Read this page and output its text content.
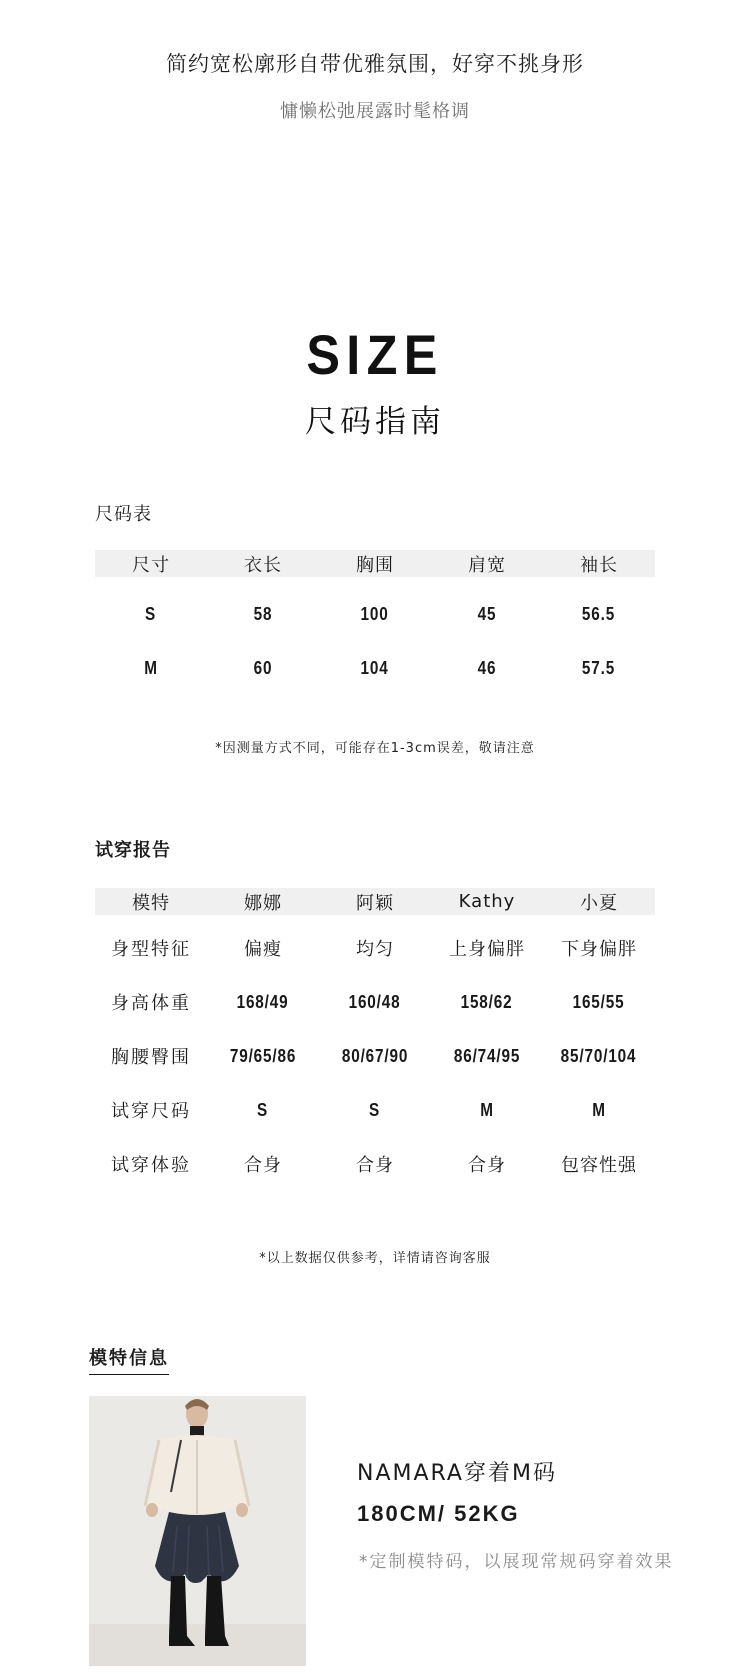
简约宽松廓形自带优雅氛围，好穿不挑身形
慵懒松弛展露时髦格调
SIZE
尺码指南
尺码表
尺寸	衣长	胸围	肩宽	袖长
S	58	100	45	56.5
M	60	104	46	57.5
*因测量方式不同，可能存在1-3cm误差，敬请注意
试穿报告
模特	娜娜	阿颖	Kathy	小夏
身型特征	偏瘦	均匀	上身偏胖	下身偏胖
身高体重	168/49	160/48	158/62	165/55
胸腰臀围	79/65/86	80/67/90	86/74/95	85/70/104
试穿尺码	S	S	M	M
试穿体验	合身	合身	合身	包容性强
*以上数据仅供参考，详情请咨询客服
模特信息
NAMARA穿着M码
180CM/ 52KG
*定制模特码，以展现常规码穿着效果
